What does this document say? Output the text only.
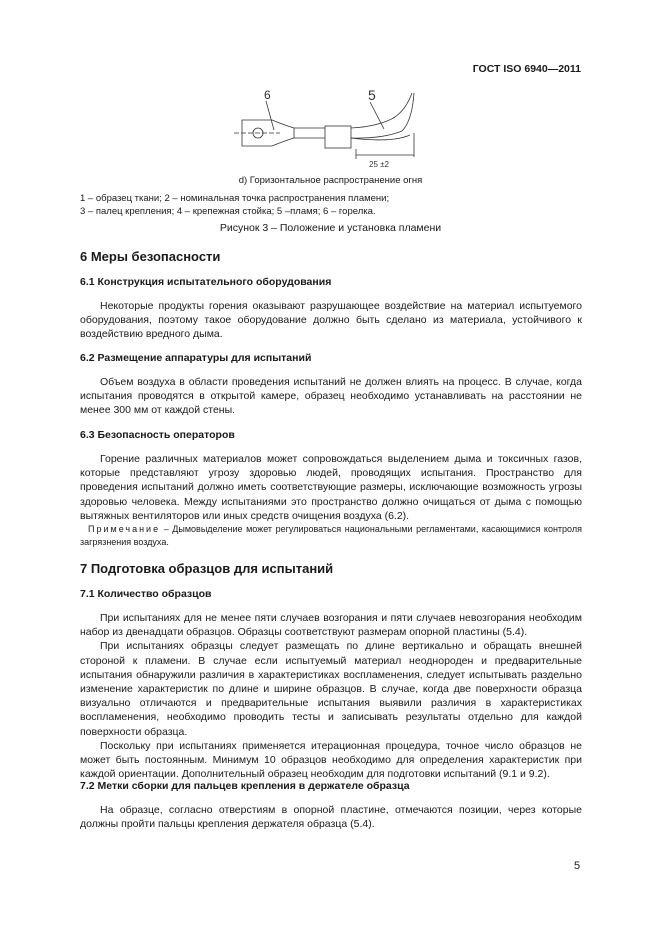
ГОСТ ISO 6940—2011
6	5
25 ±2
d) Горизонтальное распространение огня
1 – образец ткани; 2 – номинальная точка распространения пламени;
3 – палец крепления; 4 – крепежная стойка; 5 –пламя; 6 – горелка.
Рисунок 3 – Положение и установка пламени
6 Меры безопасности
6.1 Конструкция испытательного оборудования

Некоторые продукты горения оказывают разрушающее воздействие на материал испытуемого оборудования, поэтому такое оборудование должно быть сделано из материала, устойчивого к воздействию вредного дыма.

6.2 Размещение аппаратуры для испытаний

Объем воздуха в области проведения испытаний не должен влиять на процесс. В случае, когда испытания проводятся в открытой камере, образец необходимо устанавливать на расстоянии не менее 300 мм от каждой стены.

6.3 Безопасность операторов

Горение различных материалов может сопровождаться выделением дыма и токсичных газов, которые представляют угрозу здоровью людей, проводящих испытания. Пространство для проведения испытаний должно иметь соответствующие размеры, исключающие возможность угрозы здоровью человека. Между испытаниями это пространство должно очищаться от дыма с помощью вытяжных вентиляторов или иных средств очищения воздуха (6.2).

Примечание – Дымовыделение может регулироваться национальными регламентами, касающимися контроля загрязнения воздуха.
7 Подготовка образцов для испытаний
7.1 Количество образцов

При испытаниях для не менее пяти случаев возгорания и пяти случаев невозгорания необходим набор из двенадцати образцов. Образцы соответствуют размерам опорной пластины (5.4).

При испытаниях образцы следует размещать по длине вертикально и обращать внешней стороной к пламени. В случае если испытуемый материал неоднороден и предварительные испытания обнаружили различия в характеристиках воспламенения, следует испытывать раздельно изменение характеристик по длине и ширине образцов. В случае, когда две поверхности образца визуально отличаются и предварительные испытания выявили различия в характеристиках воспламенения, необходимо проводить тесты и записывать результаты отдельно для каждой поверхности образца.

Поскольку при испытаниях применяется итерационная процедура, точное число образцов не может быть постоянным. Минимум 10 образцов необходимо для определения характеристик при каждой ориентации. Дополнительный образец необходим для подготовки испытаний (9.1 и 9.2).

7.2 Метки сборки для пальцев крепления в держателе образца

На образце, согласно отверстиям в опорной пластине, отмечаются позиции, через которые должны пройти пальцы крепления держателя образца (5.4).

5
